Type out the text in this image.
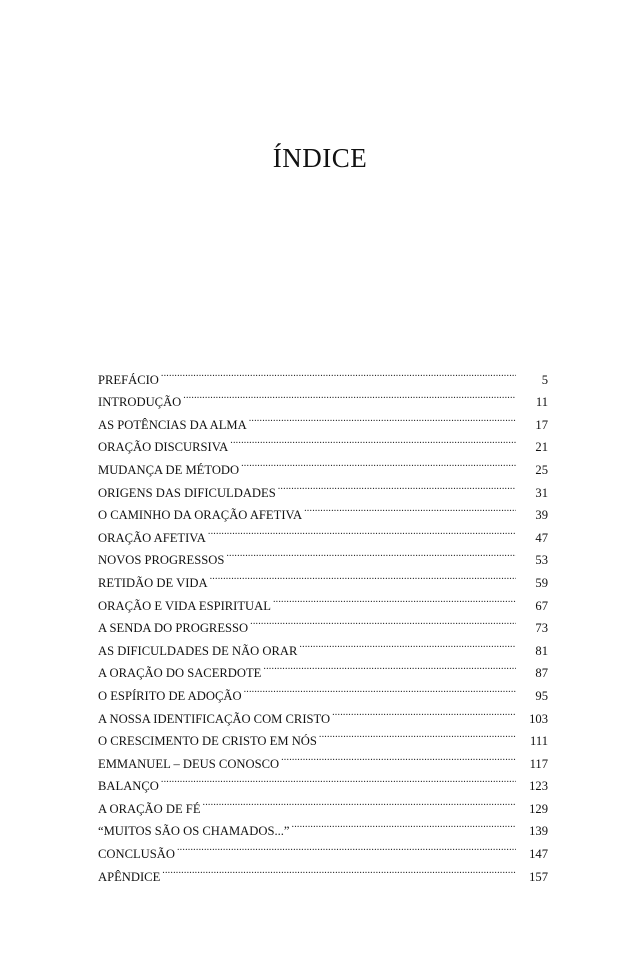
ÍNDICE
PREFÁCIO .....	5
INTRODUÇÃO .....	11
AS POTÊNCIAS DA ALMA .....	17
ORAÇÃO DISCURSIVA .....	21
MUDANÇA DE MÉTODO .....	25
ORIGENS DAS DIFICULDADES .....	31
O CAMINHO DA ORAÇÃO AFETIVA .....	39
ORAÇÃO AFETIVA .....	47
NOVOS PROGRESSOS .....	53
RETIDÃO DE VIDA .....	59
ORAÇÃO E VIDA ESPIRITUAL .....	67
A SENDA DO PROGRESSO .....	73
AS DIFICULDADES DE NÃO ORAR .....	81
A ORAÇÃO DO SACERDOTE .....	87
O ESPÍRITO DE ADOÇÃO .....	95
A NOSSA IDENTIFICAÇÃO COM CRISTO .....	103
O CRESCIMENTO DE CRISTO EM NÓS .....	111
EMMANUEL – DEUS CONOSCO .....	117
BALANÇO .....	123
A ORAÇÃO DE FÉ .....	129
“MUITOS SÃO OS CHAMADOS...” .....	139
CONCLUSÃO .....	147
APÊNDICE .....	157
